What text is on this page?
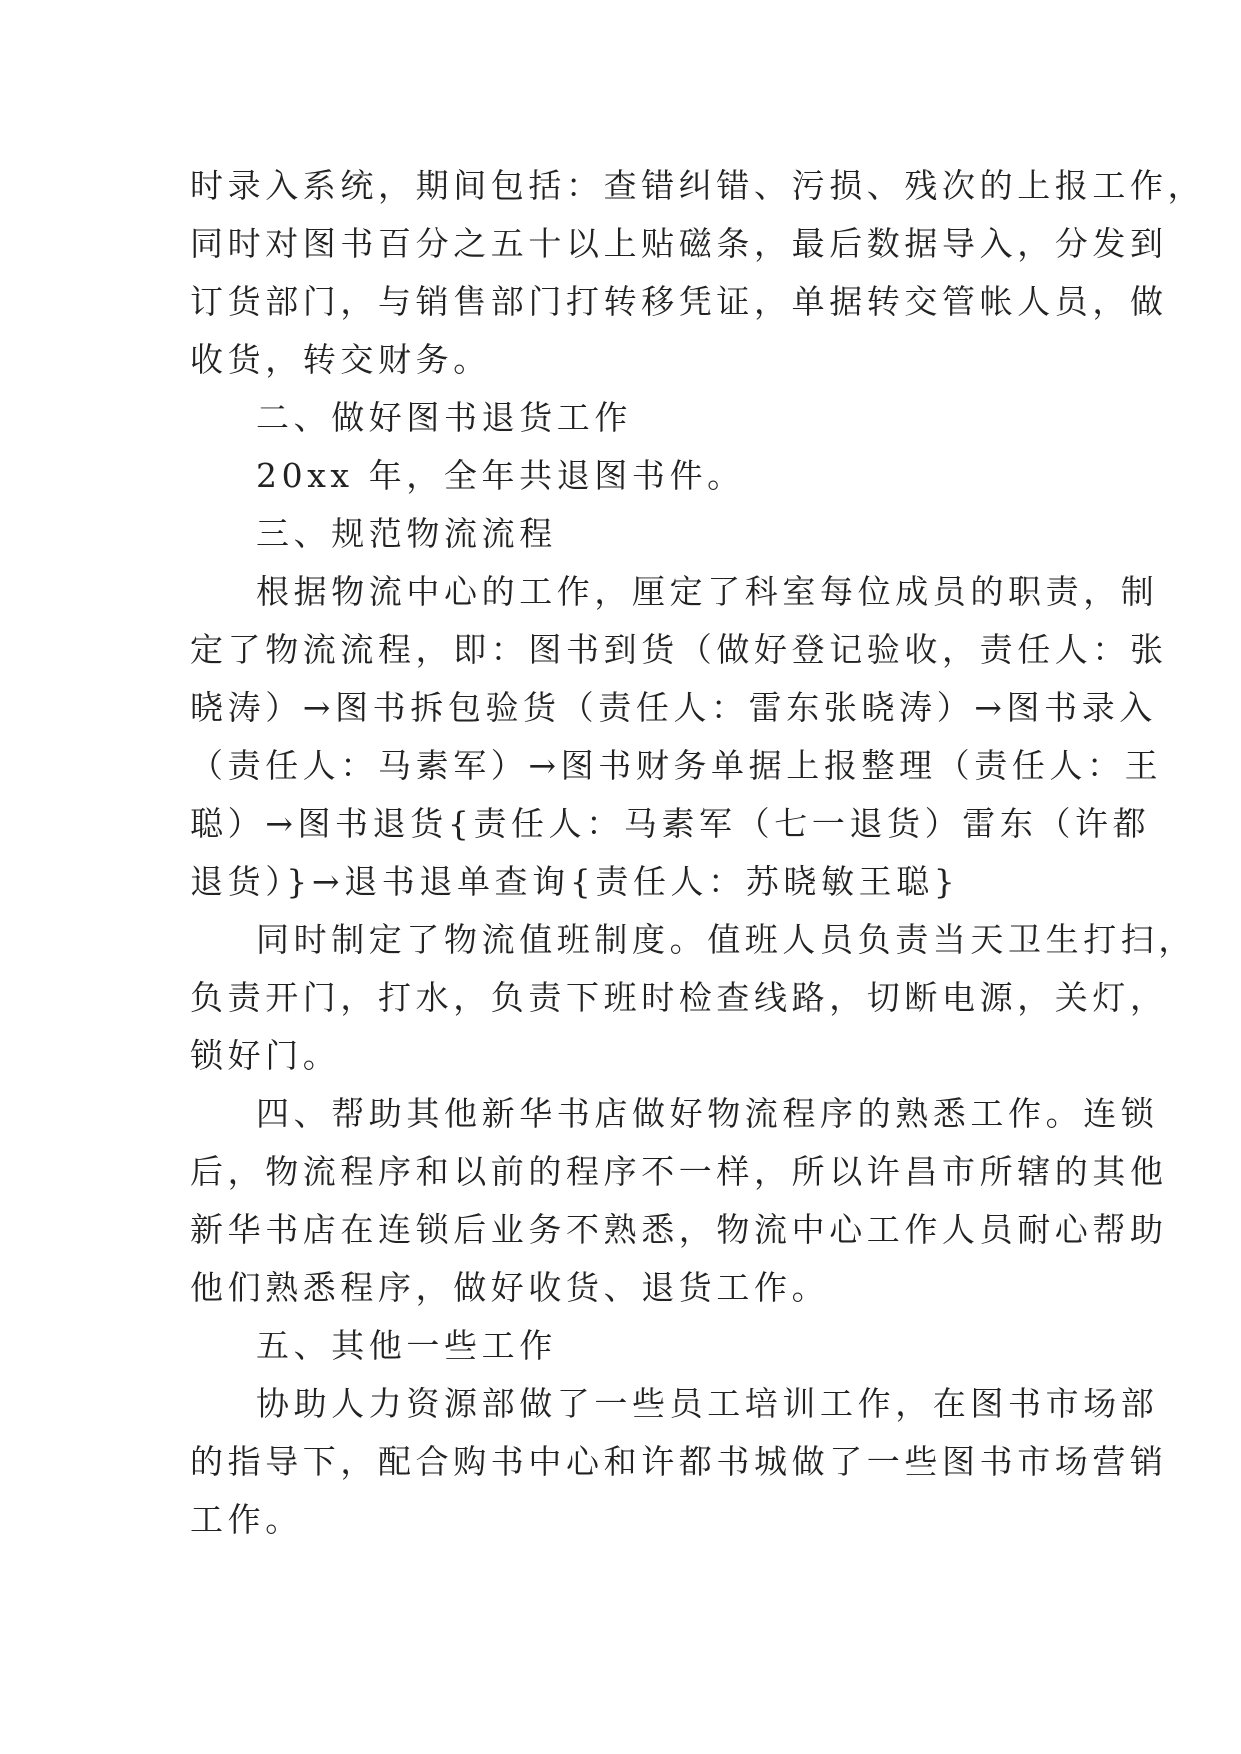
时录入系统，期间包括：查错纠错、污损、残次的上报工作，

同时对图书百分之五十以上贴磁条，最后数据导入，分发到

订货部门，与销售部门打转移凭证，单据转交管帐人员，做

收货，转交财务。

二、做好图书退货工作

20xx 年，全年共退图书件。

三、规范物流流程

根据物流中心的工作，厘定了科室每位成员的职责，制

定了物流流程，即：图书到货（做好登记验收，责任人：张

晓涛）→图书拆包验货（责任人：雷东张晓涛）→图书录入

（责任人：马素军）→图书财务单据上报整理（责任人：王

聪）→图书退货{责任人：马素军（七一退货）雷东（许都

退货）}→退书退单查询{责任人：苏晓敏王聪}

同时制定了物流值班制度。值班人员负责当天卫生打扫，

负责开门，打水，负责下班时检查线路，切断电源，关灯，

锁好门。

四、帮助其他新华书店做好物流程序的熟悉工作。连锁

后，物流程序和以前的程序不一样，所以许昌市所辖的其他

新华书店在连锁后业务不熟悉，物流中心工作人员耐心帮助

他们熟悉程序，做好收货、退货工作。

五、其他一些工作

协助人力资源部做了一些员工培训工作，在图书市场部

的指导下，配合购书中心和许都书城做了一些图书市场营销

工作。
